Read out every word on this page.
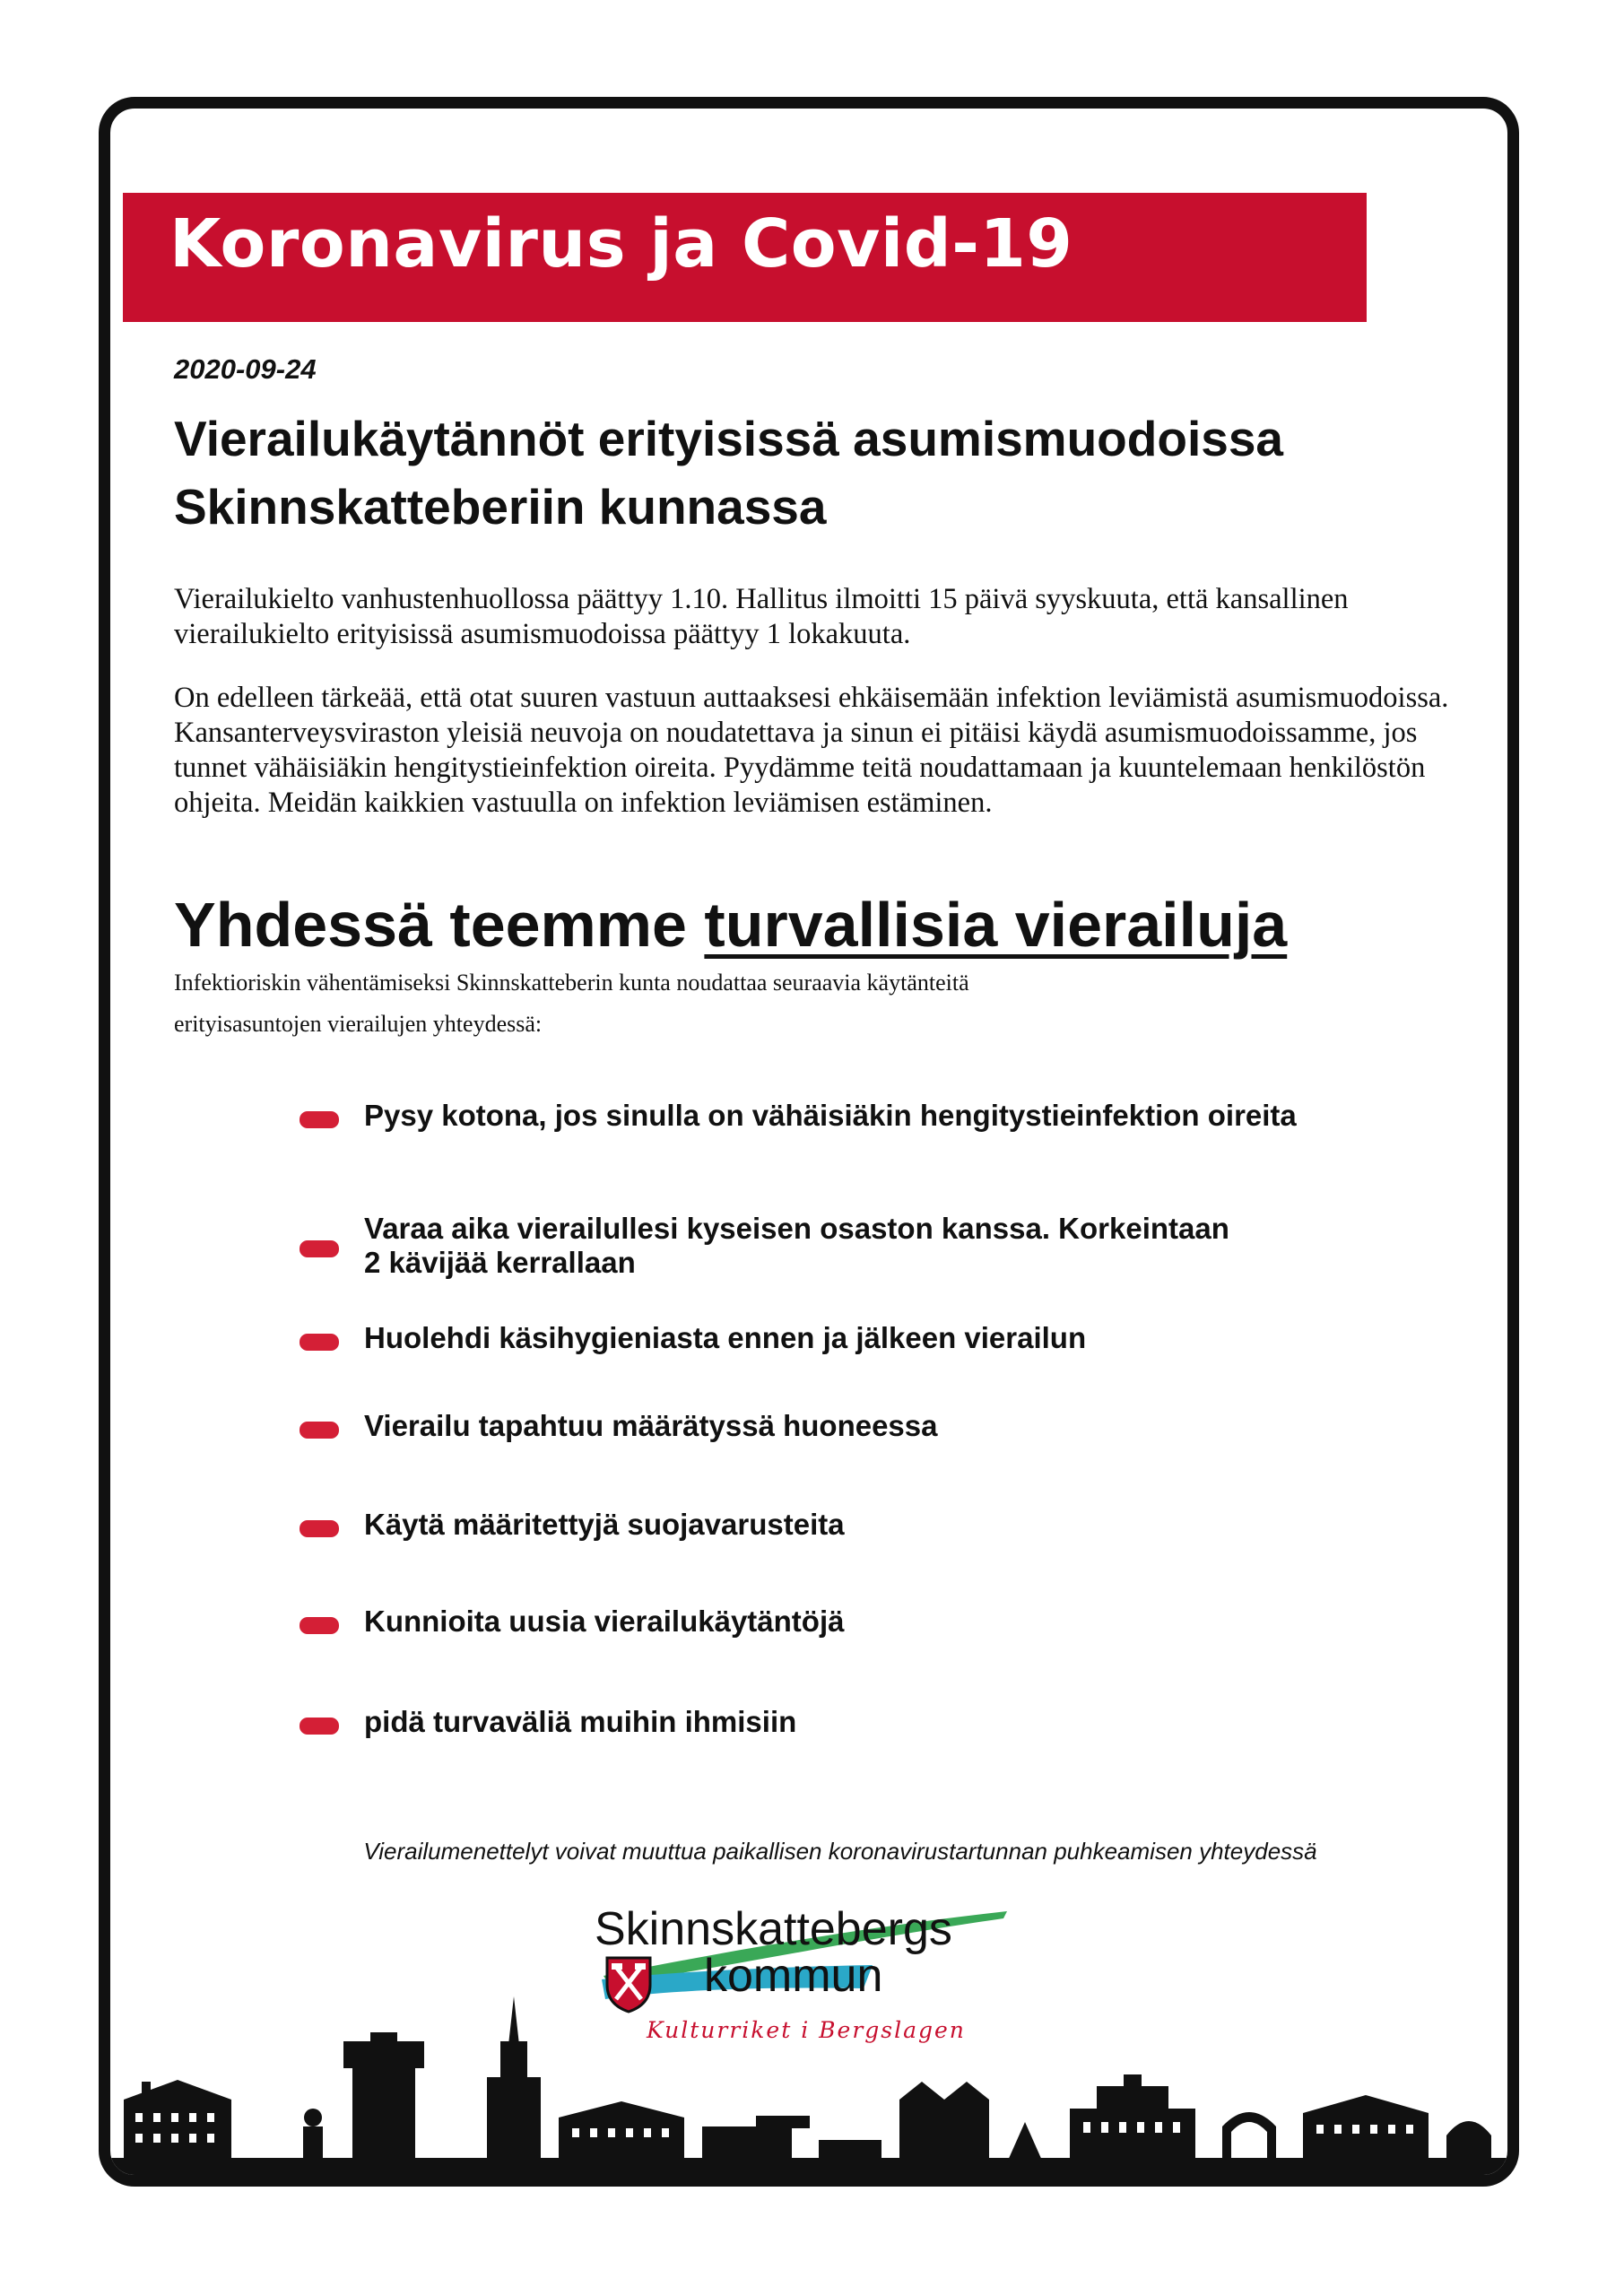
Koronavirus ja Covid-19
2020-09-24
Vierailukäytännöt erityisissä asumismuodoissa
Skinnskatteberiin kunnassa
Vierailukielto vanhustenhuollossa päättyy 1.10. Hallitus ilmoitti 15 päivä syyskuuta, että kansallinen vierailukielto erityisissä asumismuodoissa päättyy 1 lokakuuta.
On edelleen tärkeää, että otat suuren vastuun auttaaksesi ehkäisemään infektion leviämistä asumismuodoissa. Kansanterveysviraston yleisiä neuvoja on noudatettava ja sinun ei pitäisi käydä asumismuodoissamme, jos tunnet vähäisiäkin hengitystieinfektion oireita. Pyydämme teitä noudattamaan ja kuuntelemaan henkilöstön ohjeita. Meidän kaikkien vastuulla on infektion leviämisen estäminen.
Yhdessä teemme turvallisia vierailuja
Infektioriskin vähentämiseksi Skinnskatteberin kunta noudattaa seuraavia käytänteitä
erityisasuntojen vierailujen yhteydessä:
Pysy kotona, jos sinulla on vähäisiäkin hengitystieinfektion oireita
Varaa aika vierailullesi kyseisen osaston kanssa. Korkeintaan
2 kävijää kerrallaan
Huolehdi käsihygieniasta ennen ja jälkeen vierailun
Vierailu tapahtuu määrätyssä huoneessa
Käytä määritettyjä suojavarusteita
Kunnioita uusia vierailukäytäntöjä
pidä turvaväliä muihin ihmisiin
Vierailumenettelyt voivat muuttua paikallisen koronavirustartunnan puhkeamisen yhteydessä
Skinnskattebergs
kommun
Kulturriket i Bergslagen
